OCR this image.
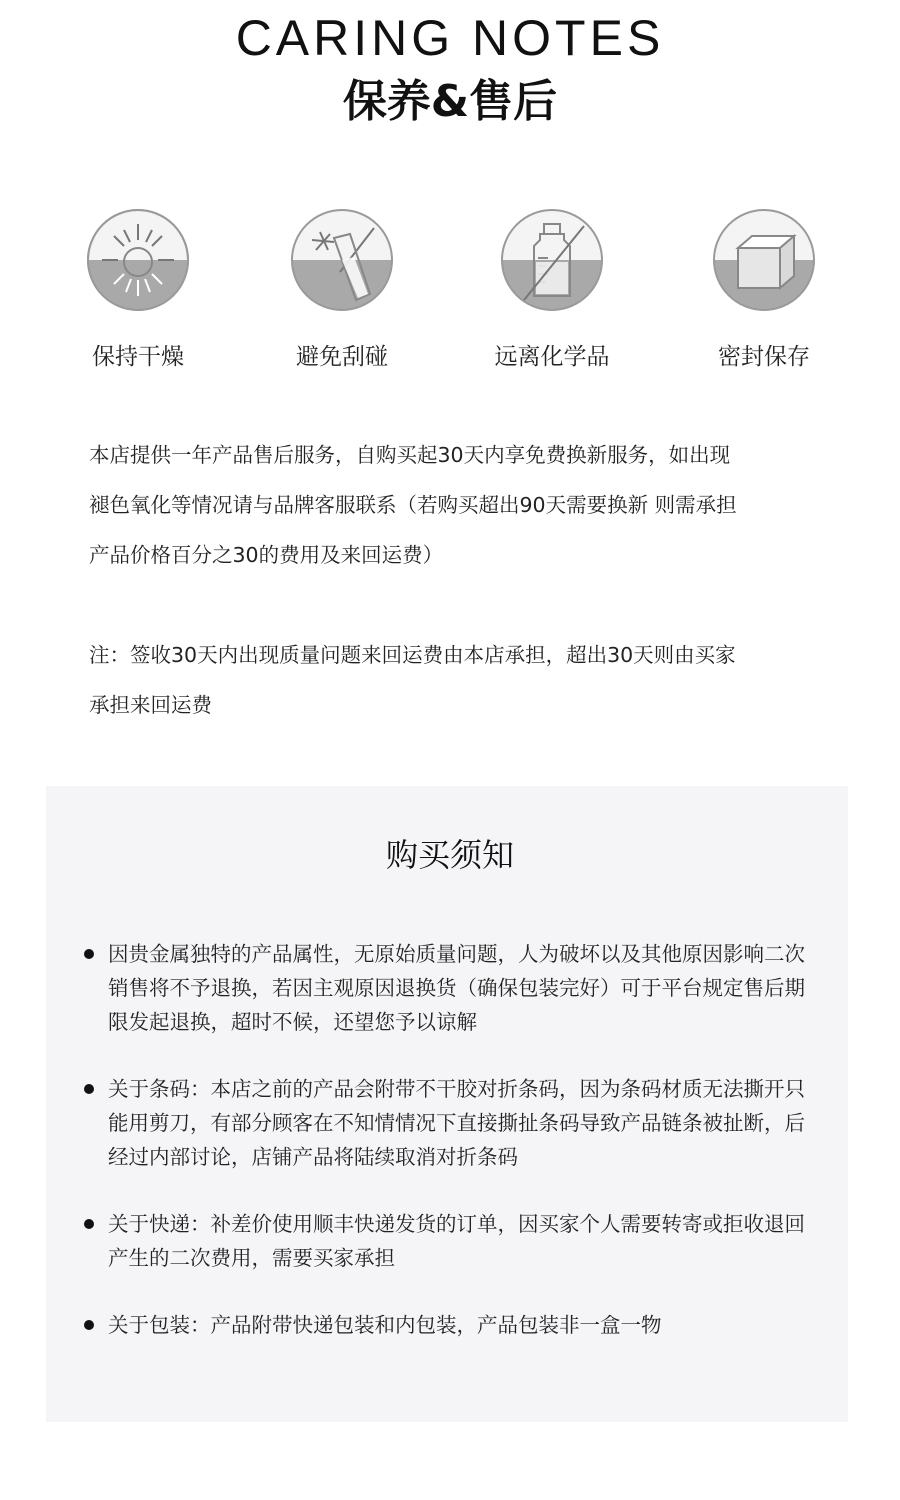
CARING NOTES
保养&售后
保持干燥	避免刮碰	远离化学品	密封保存
本店提供一年产品售后服务，自购买起30天内享免费换新服务，如出现
褪色氧化等情况请与品牌客服联系（若购买超出90天需要换新 则需承担
产品价格百分之30的费用及来回运费）
注：签收30天内出现质量问题来回运费由本店承担，超出30天则由买家
承担来回运费
购买须知
因贵金属独特的产品属性，无原始质量问题，人为破坏以及其他原因影响二次销售将不予退换，若因主观原因退换货（确保包装完好）可于平台规定售后期限发起退换，超时不候，还望您予以谅解
关于条码：本店之前的产品会附带不干胶对折条码，因为条码材质无法撕开只能用剪刀，有部分顾客在不知情情况下直接撕扯条码导致产品链条被扯断，后经过内部讨论，店铺产品将陆续取消对折条码
关于快递：补差价使用顺丰快递发货的订单，因买家个人需要转寄或拒收退回产生的二次费用，需要买家承担
关于包装：产品附带快递包装和内包装，产品包装非一盒一物
